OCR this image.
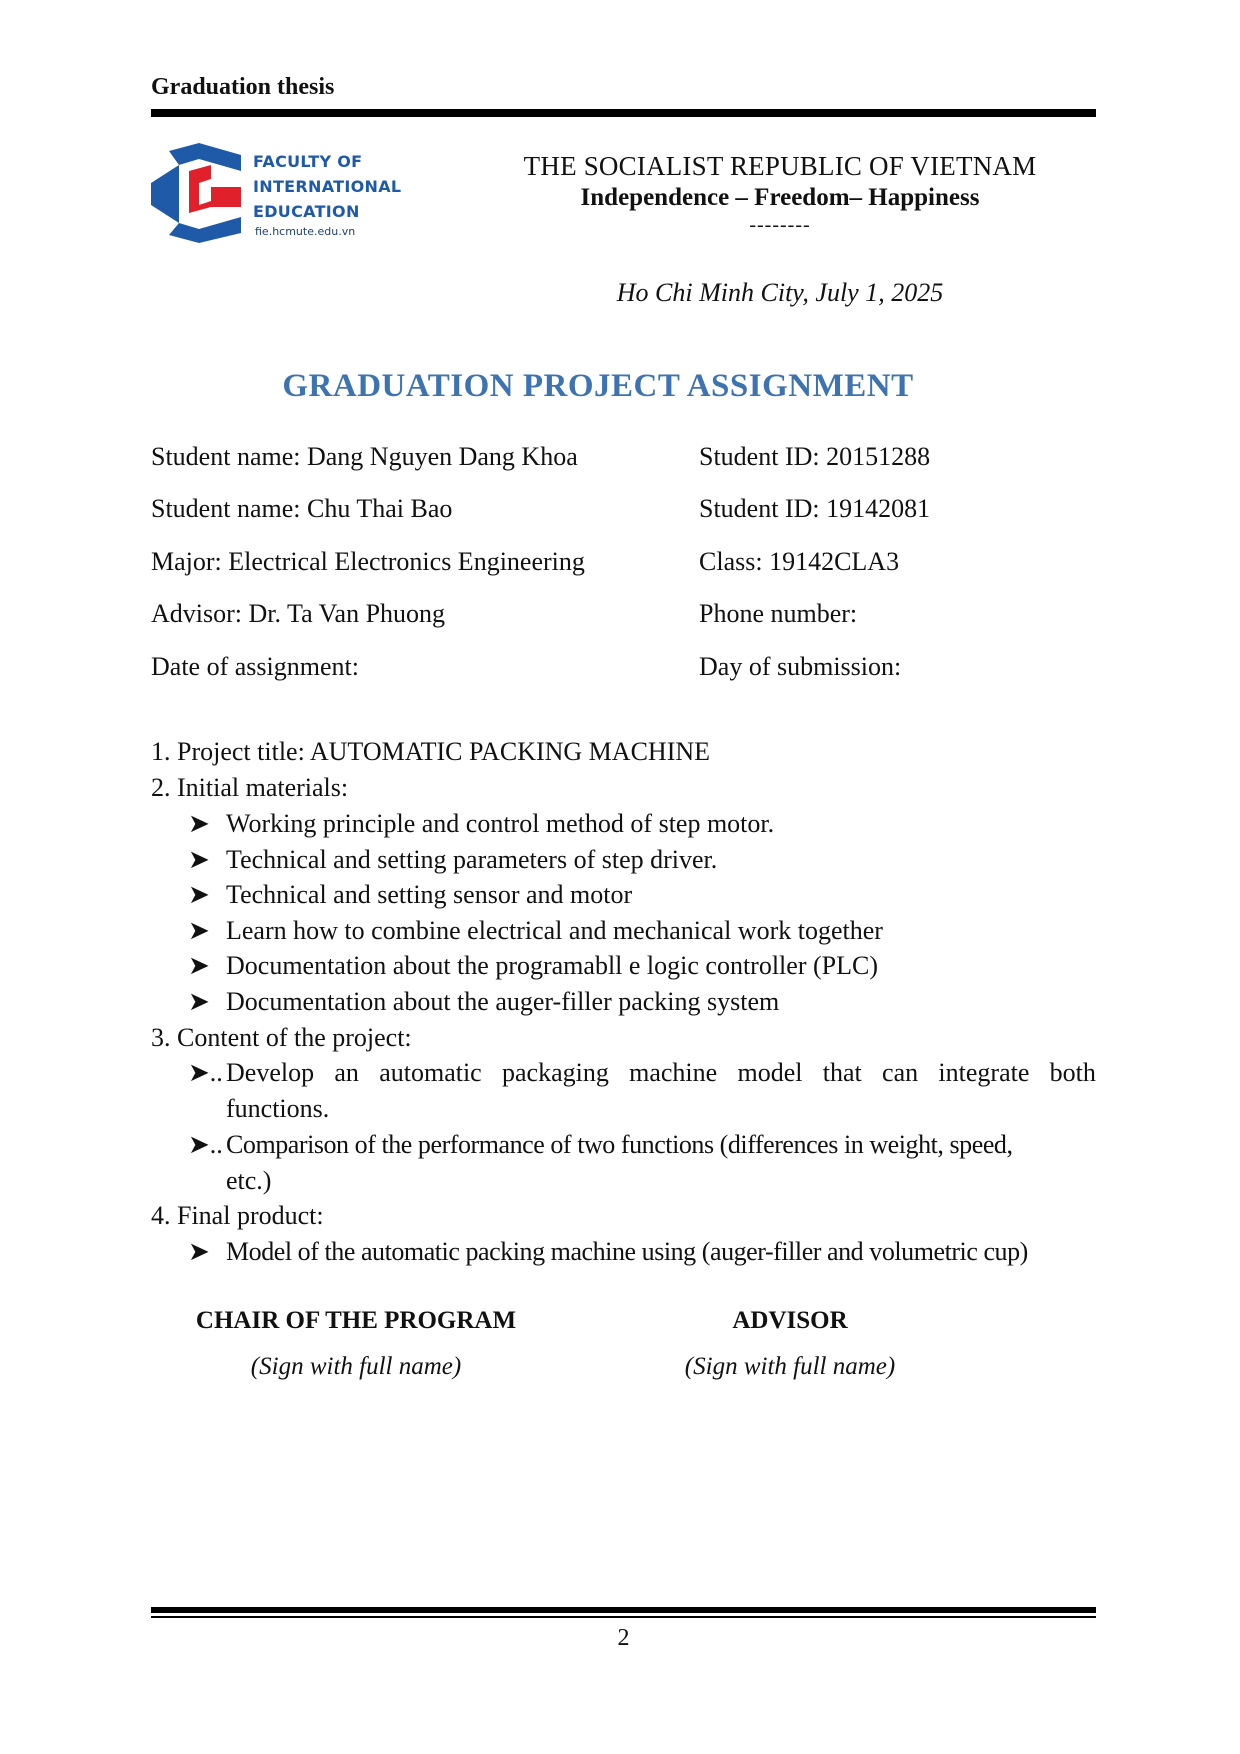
Graduation thesis
FACULTY OF
INTERNATIONAL
EDUCATION
fie.hcmute.edu.vn
THE SOCIALIST REPUBLIC OF VIETNAM
Independence – Freedom– Happiness
--------
Ho Chi Minh City, July 1, 2025
GRADUATION PROJECT ASSIGNMENT
Student name: Dang Nguyen Dang Khoa	Student ID: 20151288
Student name: Chu Thai Bao	Student ID: 19142081
Major: Electrical Electronics Engineering	Class: 19142CLA3
Advisor: Dr. Ta Van Phuong	Phone number:
Date of assignment:	Day of submission:
1. Project title: AUTOMATIC PACKING MACHINE
2. Initial materials:
➤ Working principle and control method of step motor.
➤ Technical and setting parameters of step driver.
➤ Technical and setting sensor and motor
➤ Learn how to combine electrical and mechanical work together
➤ Documentation about the programabll e logic controller (PLC)
➤ Documentation about the auger-filler packing system
3. Content of the project:
➤.. Develop an automatic packaging machine model that can integrate both
functions.
➤.. Comparison of the performance of two functions (differences in weight, speed,
etc.)
4. Final product:
➤ Model of the automatic packing machine using (auger-filler and volumetric cup)
CHAIR OF THE PROGRAM
(Sign with full name)
ADVISOR
(Sign with full name)
2
